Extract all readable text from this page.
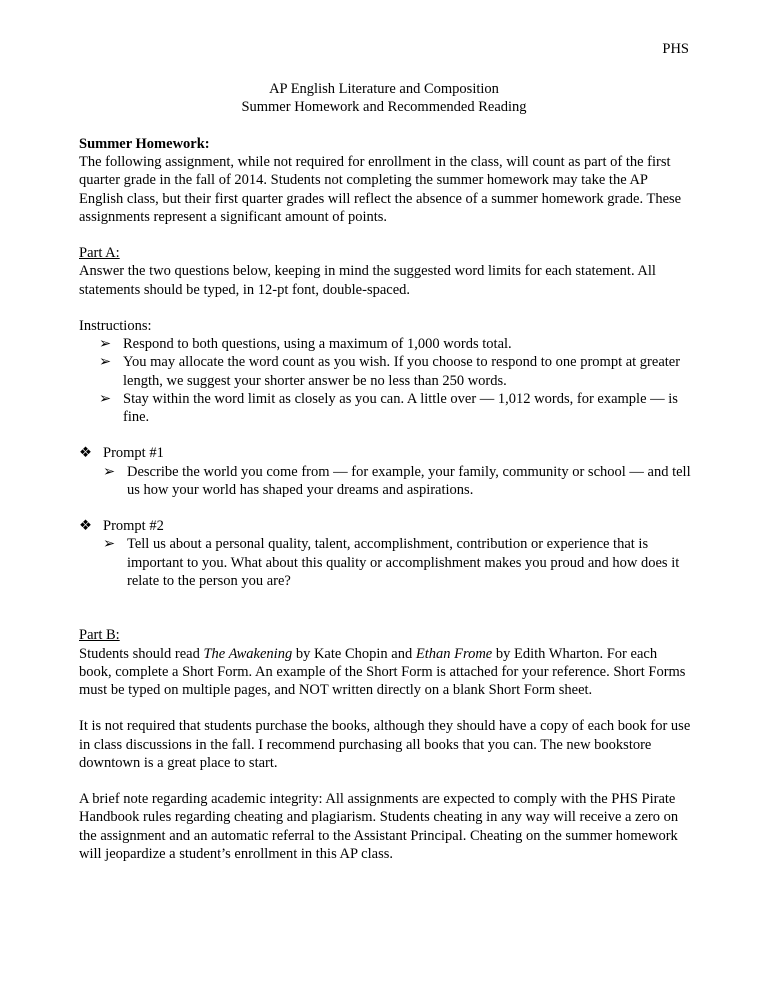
PHS

AP English Literature and Composition

Summer Homework and Recommended Reading

Summer Homework:

The following assignment, while not required for enrollment in the class, will count as part of the first quarter grade in the fall of 2014. Students not completing the summer homework may take the AP English class, but their first quarter grades will reflect the absence of a summer homework grade. These assignments represent a significant amount of points.

Part A:

Answer the two questions below, keeping in mind the suggested word limits for each statement. All statements should be typed, in 12-pt font, double-spaced.

Instructions:

➢ Respond to both questions, using a maximum of 1,000 words total.
➢ You may allocate the word count as you wish. If you choose to respond to one prompt at greater length, we suggest your shorter answer be no less than 250 words.
➢ Stay within the word limit as closely as you can. A little over — 1,012 words, for example — is fine.
❖ Prompt #1
➢ Describe the world you come from — for example, your family, community or school — and tell us how your world has shaped your dreams and aspirations.
❖ Prompt #2
➢ Tell us about a personal quality, talent, accomplishment, contribution or experience that is important to you. What about this quality or accomplishment makes you proud and how does it relate to the person you are?

Part B:

Students should read The Awakening by Kate Chopin and Ethan Frome by Edith Wharton. For each book, complete a Short Form. An example of the Short Form is attached for your reference. Short Forms must be typed on multiple pages, and NOT written directly on a blank Short Form sheet.

It is not required that students purchase the books, although they should have a copy of each book for use in class discussions in the fall. I recommend purchasing all books that you can. The new bookstore downtown is a great place to start.

A brief note regarding academic integrity: All assignments are expected to comply with the PHS Pirate Handbook rules regarding cheating and plagiarism. Students cheating in any way will receive a zero on the assignment and an automatic referral to the Assistant Principal. Cheating on the summer homework will jeopardize a student’s enrollment in this AP class.
